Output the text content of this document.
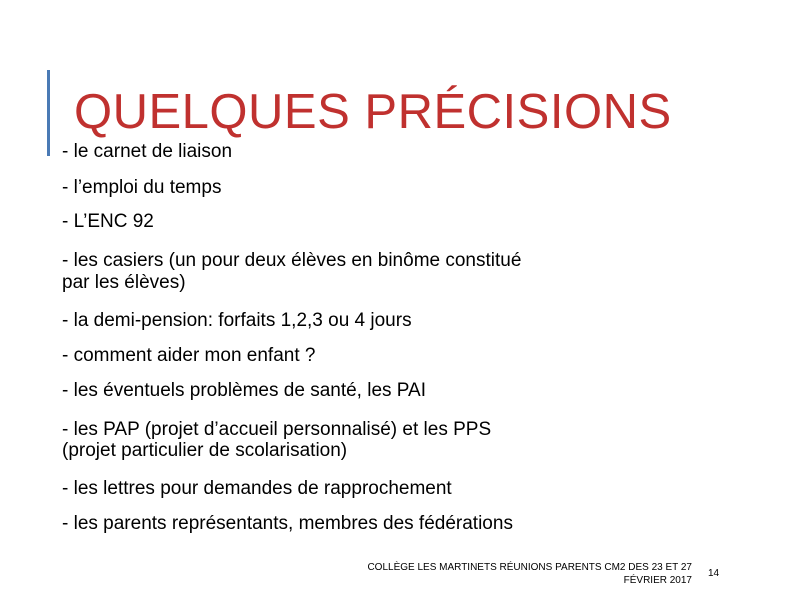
QUELQUES PRÉCISIONS
- le carnet de liaison
- l’emploi du temps
- L’ENC 92
- les casiers (un pour deux élèves en binôme constitué
par les élèves)
- la demi-pension: forfaits 1,2,3 ou 4 jours
- comment aider mon enfant ?
- les éventuels problèmes de santé, les PAI
- les PAP (projet d’accueil personnalisé) et les PPS
(projet particulier de scolarisation)
- les lettres pour demandes de rapprochement
- les parents représentants, membres des fédérations
COLLÈGE LES MARTINETS RÉUNIONS PARENTS CM2 DES 23 ET 27
FÉVRIER 2017
14
